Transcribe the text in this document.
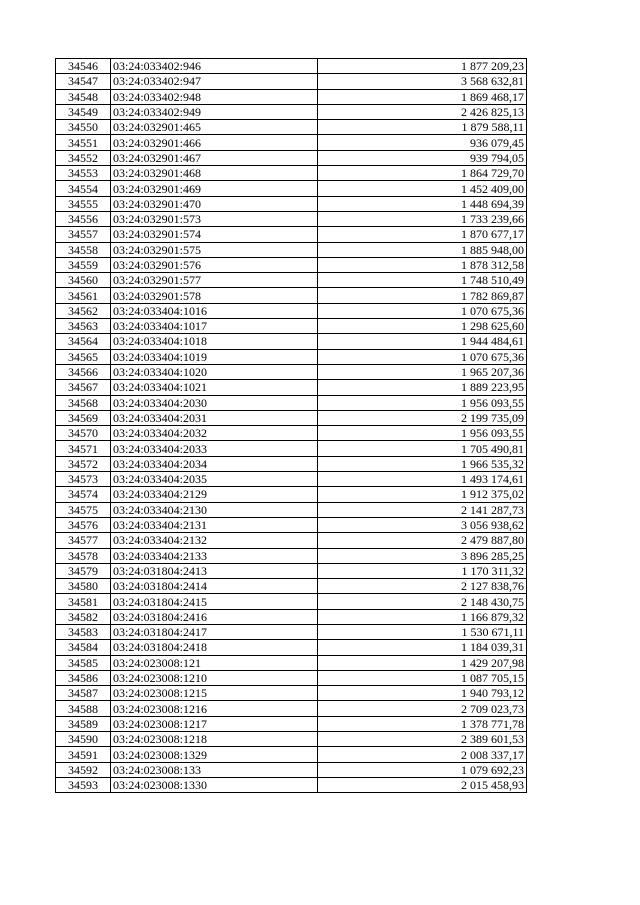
34546	03:24:033402:946	1 877 209,23
34547	03:24:033402:947	3 568 632,81
34548	03:24:033402:948	1 869 468,17
34549	03:24:033402:949	2 426 825,13
34550	03:24:032901:465	1 879 588,11
34551	03:24:032901:466	936 079,45
34552	03:24:032901:467	939 794,05
34553	03:24:032901:468	1 864 729,70
34554	03:24:032901:469	1 452 409,00
34555	03:24:032901:470	1 448 694,39
34556	03:24:032901:573	1 733 239,66
34557	03:24:032901:574	1 870 677,17
34558	03:24:032901:575	1 885 948,00
34559	03:24:032901:576	1 878 312,58
34560	03:24:032901:577	1 748 510,49
34561	03:24:032901:578	1 782 869,87
34562	03:24:033404:1016	1 070 675,36
34563	03:24:033404:1017	1 298 625,60
34564	03:24:033404:1018	1 944 484,61
34565	03:24:033404:1019	1 070 675,36
34566	03:24:033404:1020	1 965 207,36
34567	03:24:033404:1021	1 889 223,95
34568	03:24:033404:2030	1 956 093,55
34569	03:24:033404:2031	2 199 735,09
34570	03:24:033404:2032	1 956 093,55
34571	03:24:033404:2033	1 705 490,81
34572	03:24:033404:2034	1 966 535,32
34573	03:24:033404:2035	1 493 174,61
34574	03:24:033404:2129	1 912 375,02
34575	03:24:033404:2130	2 141 287,73
34576	03:24:033404:2131	3 056 938,62
34577	03:24:033404:2132	2 479 887,80
34578	03:24:033404:2133	3 896 285,25
34579	03:24:031804:2413	1 170 311,32
34580	03:24:031804:2414	2 127 838,76
34581	03:24:031804:2415	2 148 430,75
34582	03:24:031804:2416	1 166 879,32
34583	03:24:031804:2417	1 530 671,11
34584	03:24:031804:2418	1 184 039,31
34585	03:24:023008:121	1 429 207,98
34586	03:24:023008:1210	1 087 705,15
34587	03:24:023008:1215	1 940 793,12
34588	03:24:023008:1216	2 709 023,73
34589	03:24:023008:1217	1 378 771,78
34590	03:24:023008:1218	2 389 601,53
34591	03:24:023008:1329	2 008 337,17
34592	03:24:023008:133	1 079 692,23
34593	03:24:023008:1330	2 015 458,93
